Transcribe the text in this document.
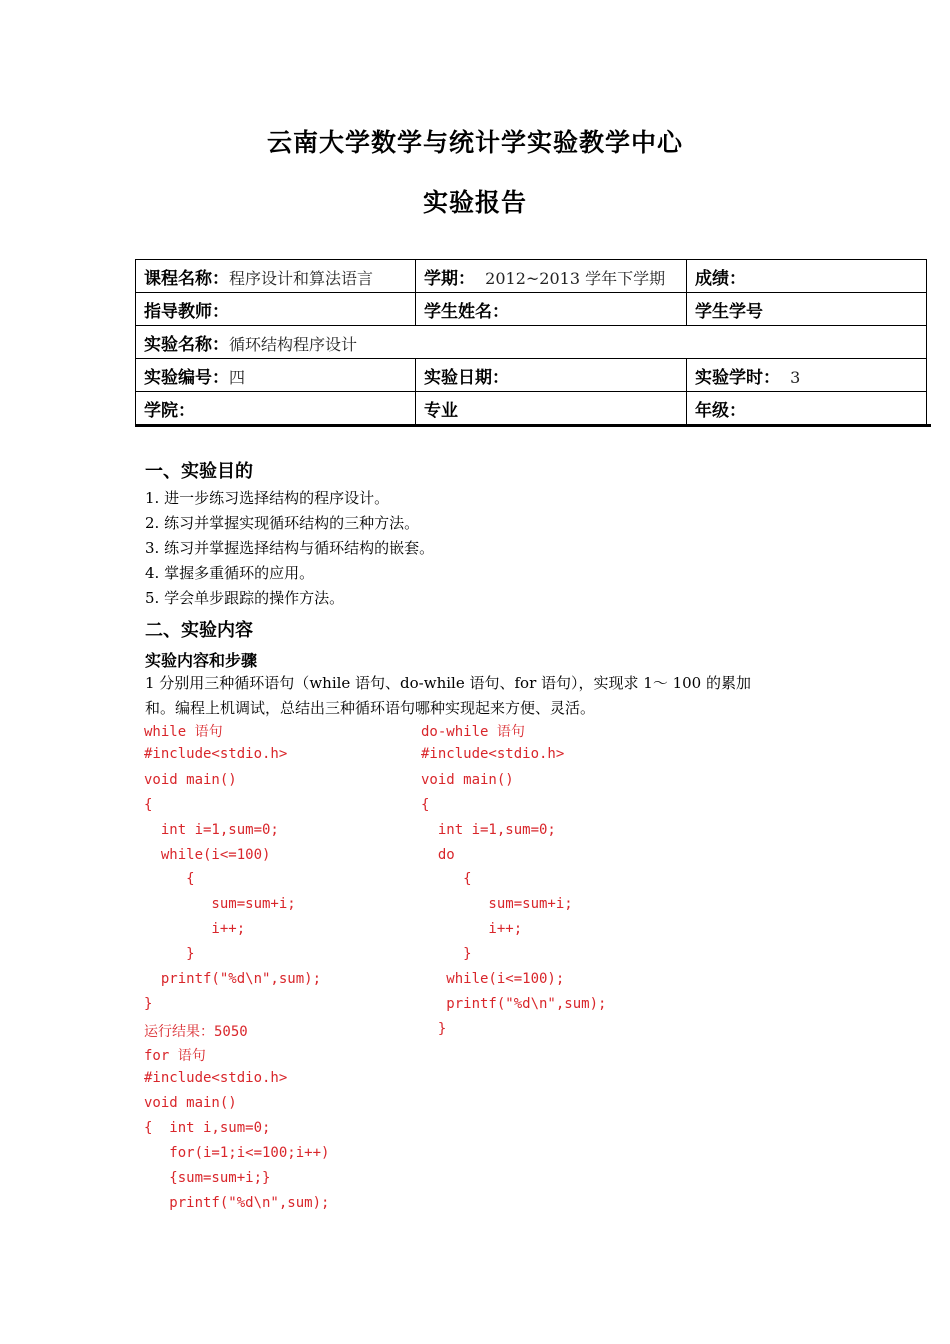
云南大学数学与统计学实验教学中心
实验报告
课程名称：程序设计和算法语言	学期： 2012~2013 学年下学期	成绩：
指导教师：	学生姓名：	学生学号
实验名称：循环结构程序设计		
实验编号：四	实验日期：	实验学时： 3
学院：	专业	年级：
一、实验目的
1. 进一步练习选择结构的程序设计。
2. 练习并掌握实现循环结构的三种方法。
3. 练习并掌握选择结构与循环结构的嵌套。
4. 掌握多重循环的应用。
5. 学会单步跟踪的操作方法。
二、实验内容
实验内容和步骤
1 分别用三种循环语句（while 语句、do-while 语句、for 语句），实现求 1～ 100 的累加
和。编程上机调试，总结出三种循环语句哪种实现起来方便、灵活。
while 语句
#include<stdio.h>
void main()
{
int i=1,sum=0;
while(i<=100)
{
sum=sum+i;
i++;
}
printf("%d\n",sum);
}
运行结果：5050
for 语句
#include<stdio.h>
void main()
{  int i,sum=0;
for(i=1;i<=100;i++)
{sum=sum+i;}
printf("%d\n",sum);
do-while 语句
#include<stdio.h>
void main()
{
int i=1,sum=0;
do
{
sum=sum+i;
i++;
}
while(i<=100);
printf("%d\n",sum);
}
